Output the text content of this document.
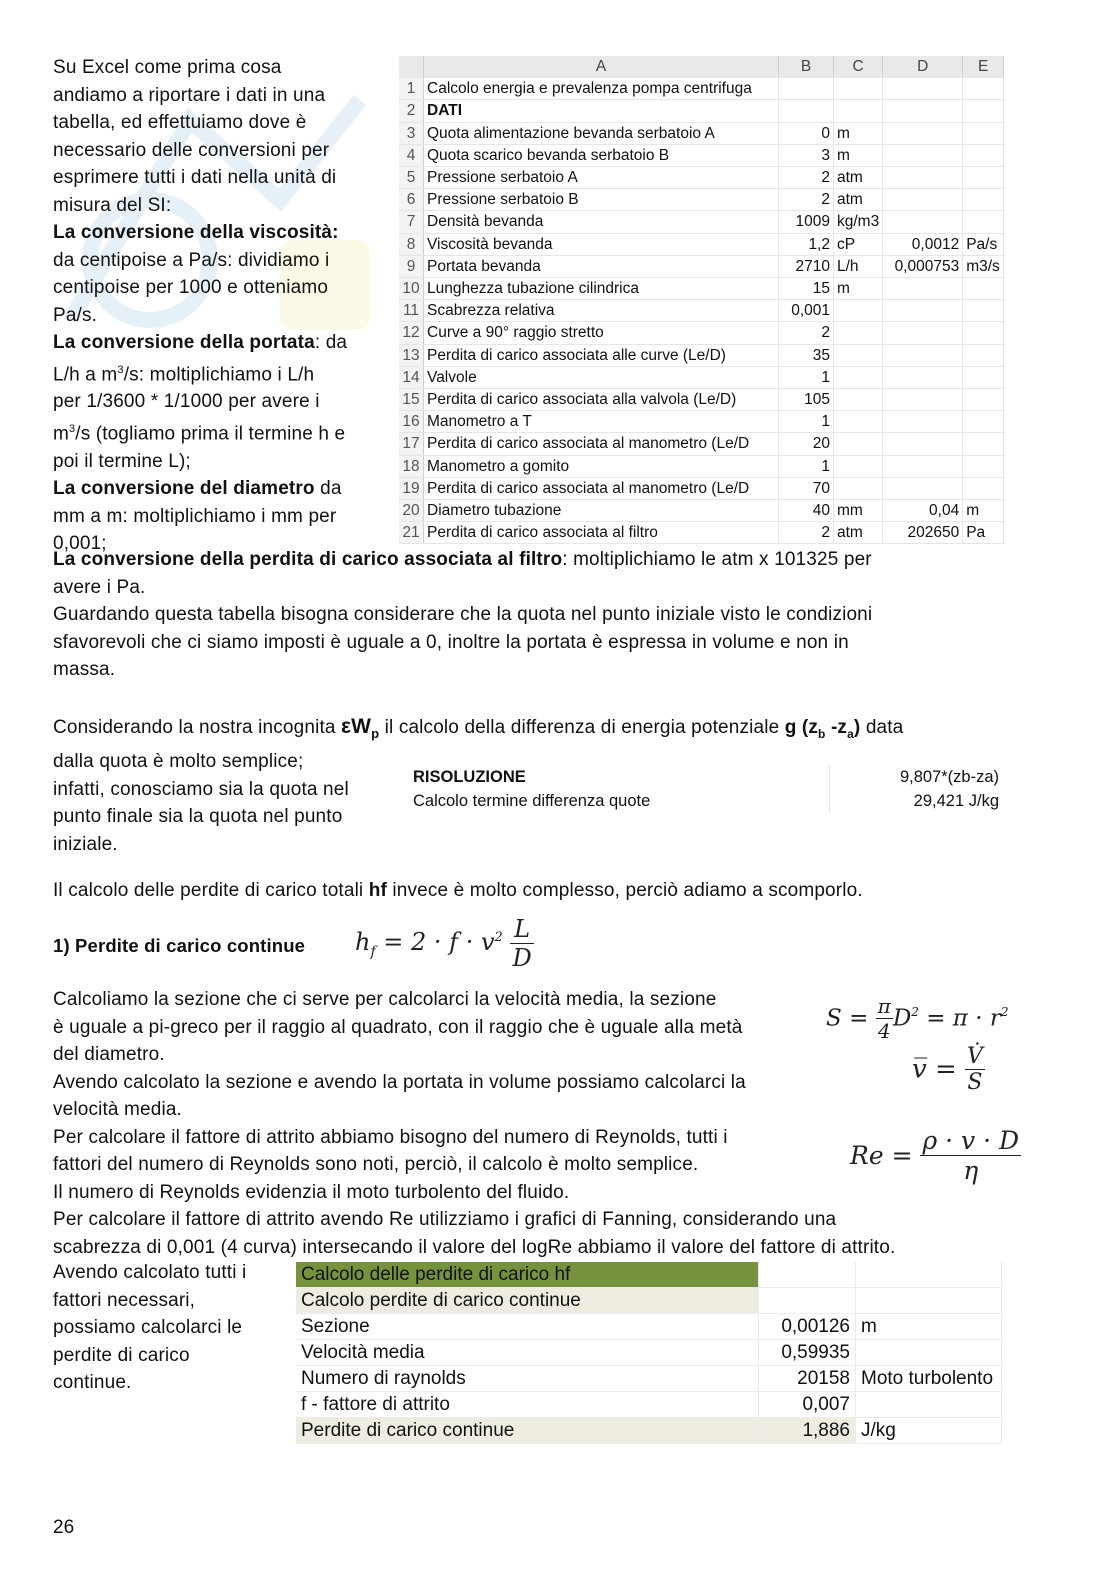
Su Excel come prima cosa
andiamo a riportare i dati in una
tabella, ed effettuiamo dove è
necessario delle conversioni per
esprimere tutti i dati nella unità di
misura del SI:
La conversione della viscosità:
da centipoise a Pa/s: dividiamo i
centipoise per 1000 e otteniamo
Pa/s.
La conversione della portata: da
L/h a $m^3/s$: moltiplichiamo i L/h
per 1/3600 * 1/1000 per avere i
$m^3/s$ (togliamo prima il termine h e
poi il termine L);
La conversione del diametro da
mm a m: moltiplichiamo i mm per
0,001;
	A	B	C	D	E
1	Calcolo energia e prevalenza pompa centrifuga				
2	DATI				
3	Quota alimentazione bevanda serbatoio A	0	m		
4	Quota scarico bevanda serbatoio B	3	m		
5	Pressione serbatoio A	2	atm		
6	Pressione serbatoio B	2	atm		
7	Densità bevanda	1009	kg/m3		
8	Viscosità bevanda	1,2	cP	0,0012	Pa/s
9	Portata bevanda	2710	L/h	0,000753	m3/s
10	Lunghezza tubazione cilindrica	15	m		
11	Scabrezza relativa	0,001			
12	Curve a 90° raggio stretto	2			
13	Perdita di carico associata alle curve (Le/D)	35			
14	Valvole	1			
15	Perdita di carico associata alla valvola (Le/D)	105			
16	Manometro a T	1			
17	Perdita di carico associata al manometro (Le/D	20			
18	Manometro a gomito	1			
19	Perdita di carico associata al manometro (Le/D	70			
20	Diametro tubazione	40	mm	0,04	m
21	Perdita di carico associata al filtro	2	atm	202650	Pa
La conversione della perdita di carico associata al filtro: moltiplichiamo le atm x 101325 per
avere i Pa.
Guardando questa tabella bisogna considerare che la quota nel punto iniziale visto le condizioni
sfavorevoli che ci siamo imposti è uguale a 0, inoltre la portata è espressa in volume e non in
massa.
Considerando la nostra incognita $\varepsilon W_p$ il calcolo della differenza di energia potenziale g ($z_b$ $-z_a$) data
dalla quota è molto semplice;
infatti, conosciamo sia la quota nel
punto finale sia la quota nel punto
iniziale.
RISOLUZIONE	9,807*(zb-za)
Calcolo termine differenza quote	29,421 J/kg
Il calcolo delle perdite di carico totali hf invece è molto complesso, perciò adiamo a scomporlo.
1) Perdite di carico continue $h_f = 2 \cdot f \cdot v^2 \frac{L}{D}$
Calcoliamo la sezione che ci serve per calcolarci la velocità media, la sezione
è uguale a pi-greco per il raggio al quadrato, con il raggio che è uguale alla metà
del diametro.
Avendo calcolato la sezione e avendo la portata in volume possiamo calcolarci la
velocità media.
Per calcolare il fattore di attrito abbiamo bisogno del numero di Reynolds, tutti i
fattori del numero di Reynolds sono noti, perciò, il calcolo è molto semplice.
Il numero di Reynolds evidenzia il moto turbolento del fluido.
Per calcolare il fattore di attrito avendo Re utilizziamo i grafici di Fanning, considerando una
scabrezza di 0,001 (4 curva) intersecando il valore del logRe abbiamo il valore del fattore di attrito.
$S = \frac{\pi}{4} D^2 = \pi \cdot r^2$
v̅ = $\frac{V̇}{S}$
$Re = \frac{\rho \cdot v \cdot D}{\eta}$
Avendo calcolato tutti i
fattori necessari,
possiamo calcolarci le
perdite di carico
continue.
Calcolo delle perdite di carico hf		
Calcolo perdite di carico continue		
Sezione	0,00126	m
Velocità media	0,59935	
Numero di raynolds	20158	Moto turbolento
f - fattore di attrito	0,007	
Perdite di carico continue	1,886	J/kg
26
